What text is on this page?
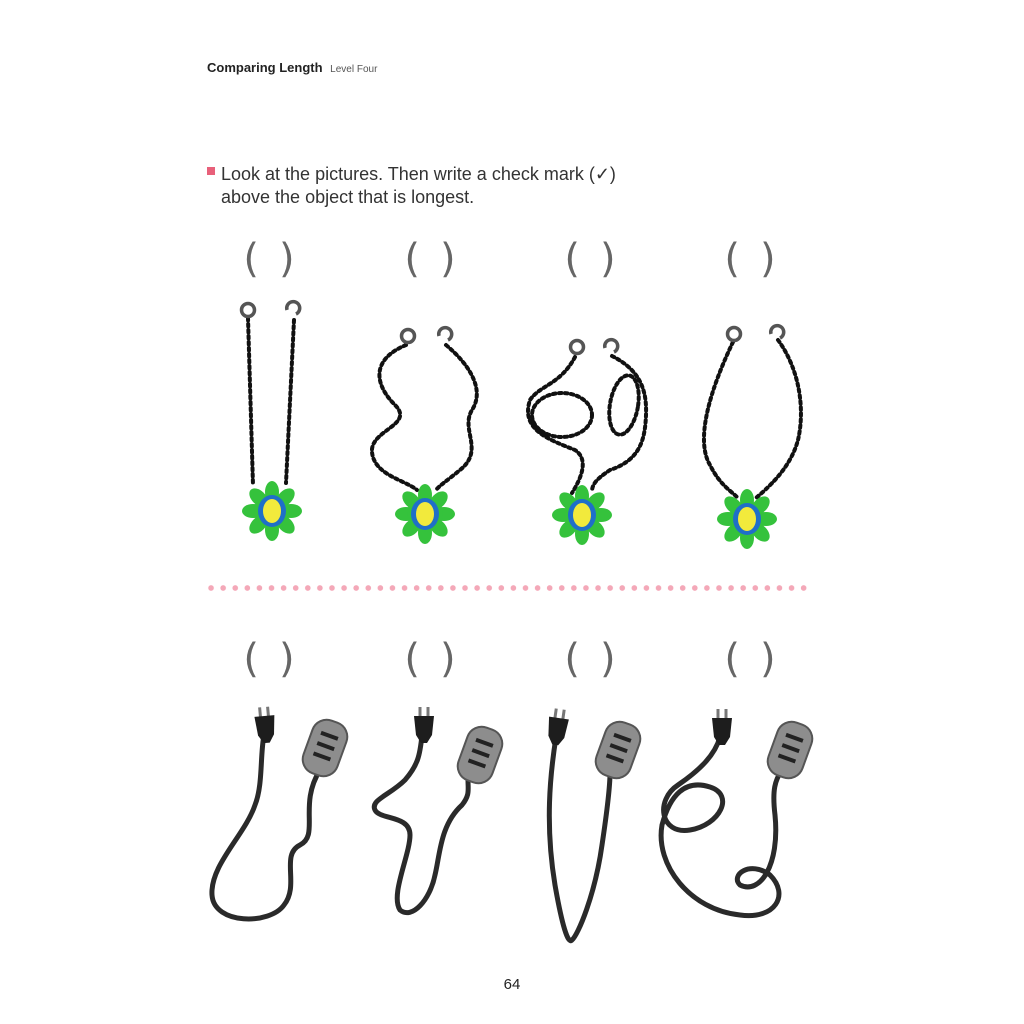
Comparing Length Level Four
Look at the pictures. Then write a check mark (✓)
above the object that is longest.
( )	( )	( )	( )
( )	( )	( )	( )
64
